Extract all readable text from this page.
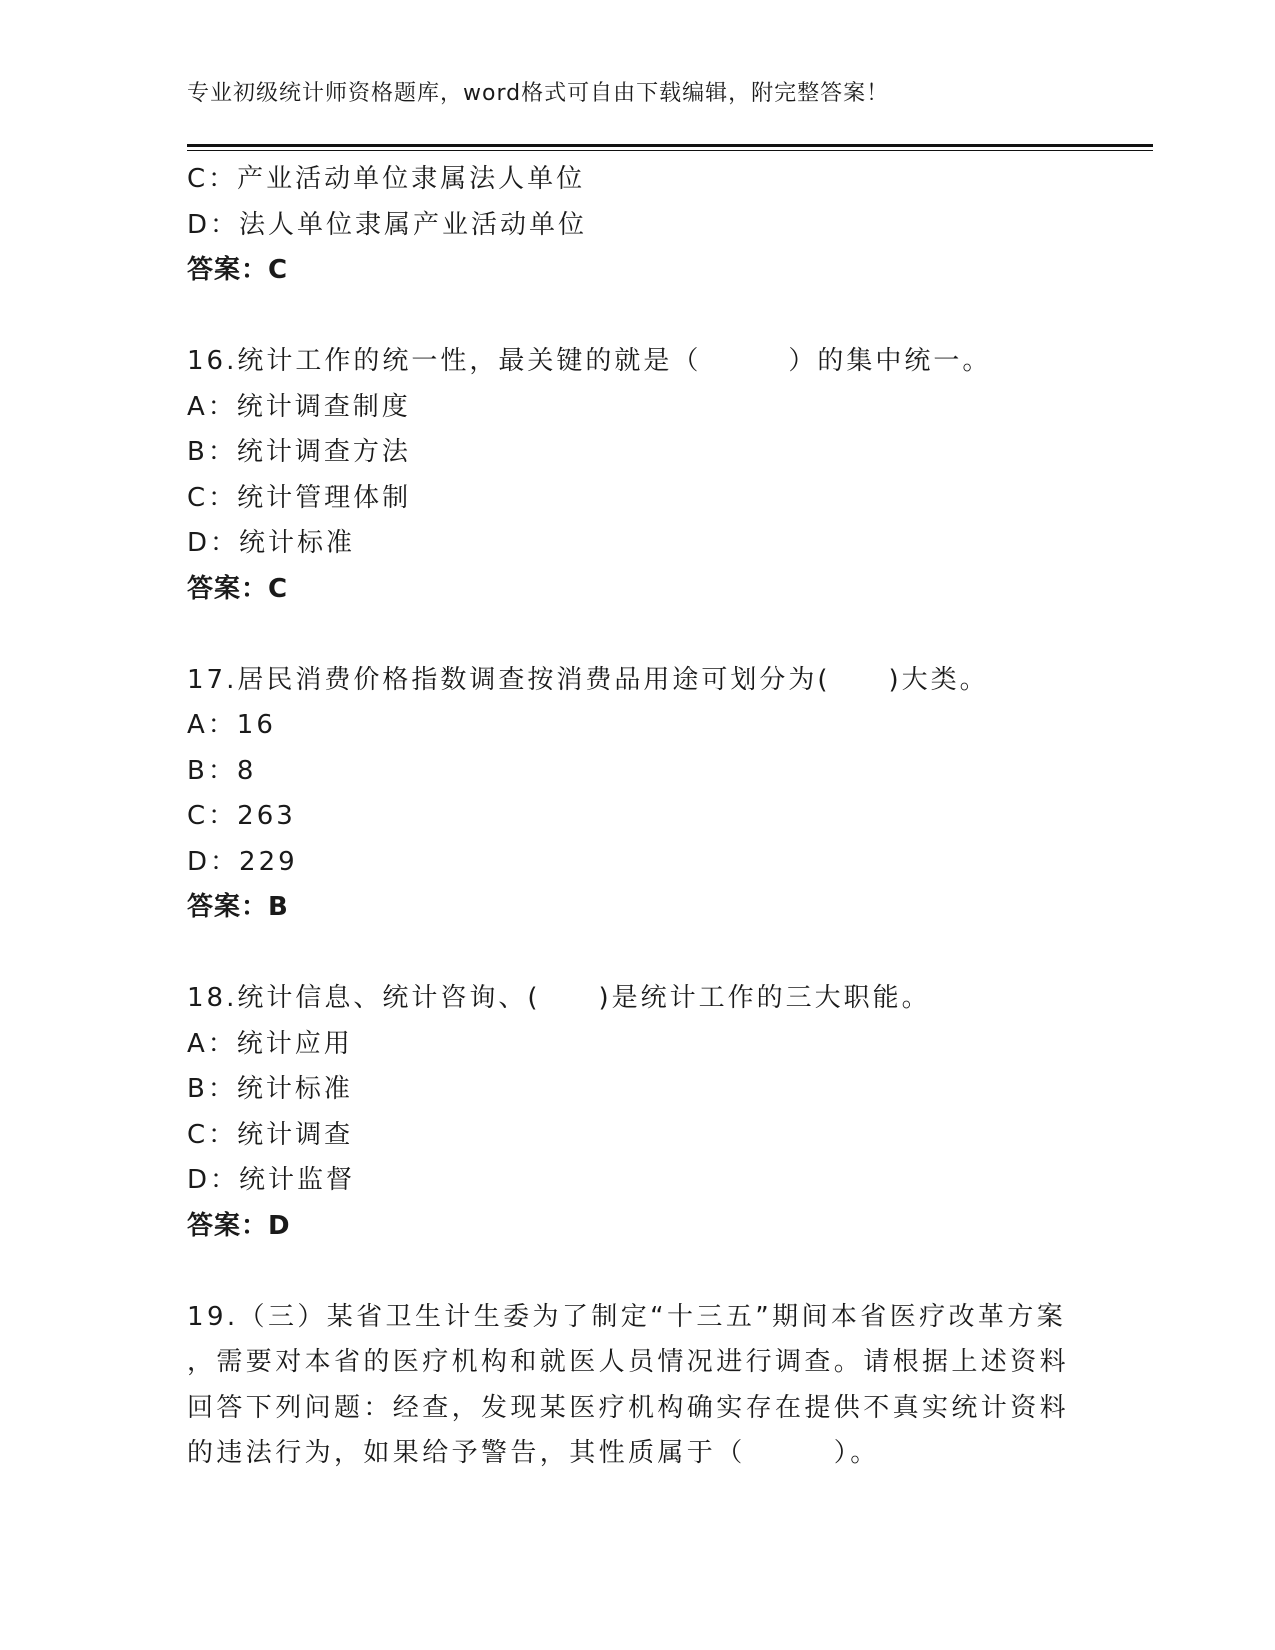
专业初级统计师资格题库，word格式可自由下载编辑，附完整答案！
C：产业活动单位隶属法人单位
D：法人单位隶属产业活动单位
答案：C
16.统计工作的统一性，最关键的就是（　　　）的集中统一。
A：统计调查制度
B：统计调查方法
C：统计管理体制
D：统计标准
答案：C
17.居民消费价格指数调查按消费品用途可划分为(　　)大类。
A：16
B：8
C：263
D：229
答案：B
18.统计信息、统计咨询、(　　)是统计工作的三大职能。
A：统计应用
B：统计标准
C：统计调查
D：统计监督
答案：D
19.（三）某省卫生计生委为了制定“十三五”期间本省医疗改革方案
，需要对本省的医疗机构和就医人员情况进行调查。请根据上述资料
回答下列问题：经查，发现某医疗机构确实存在提供不真实统计资料
的违法行为，如果给予警告，其性质属于（　　　）。
